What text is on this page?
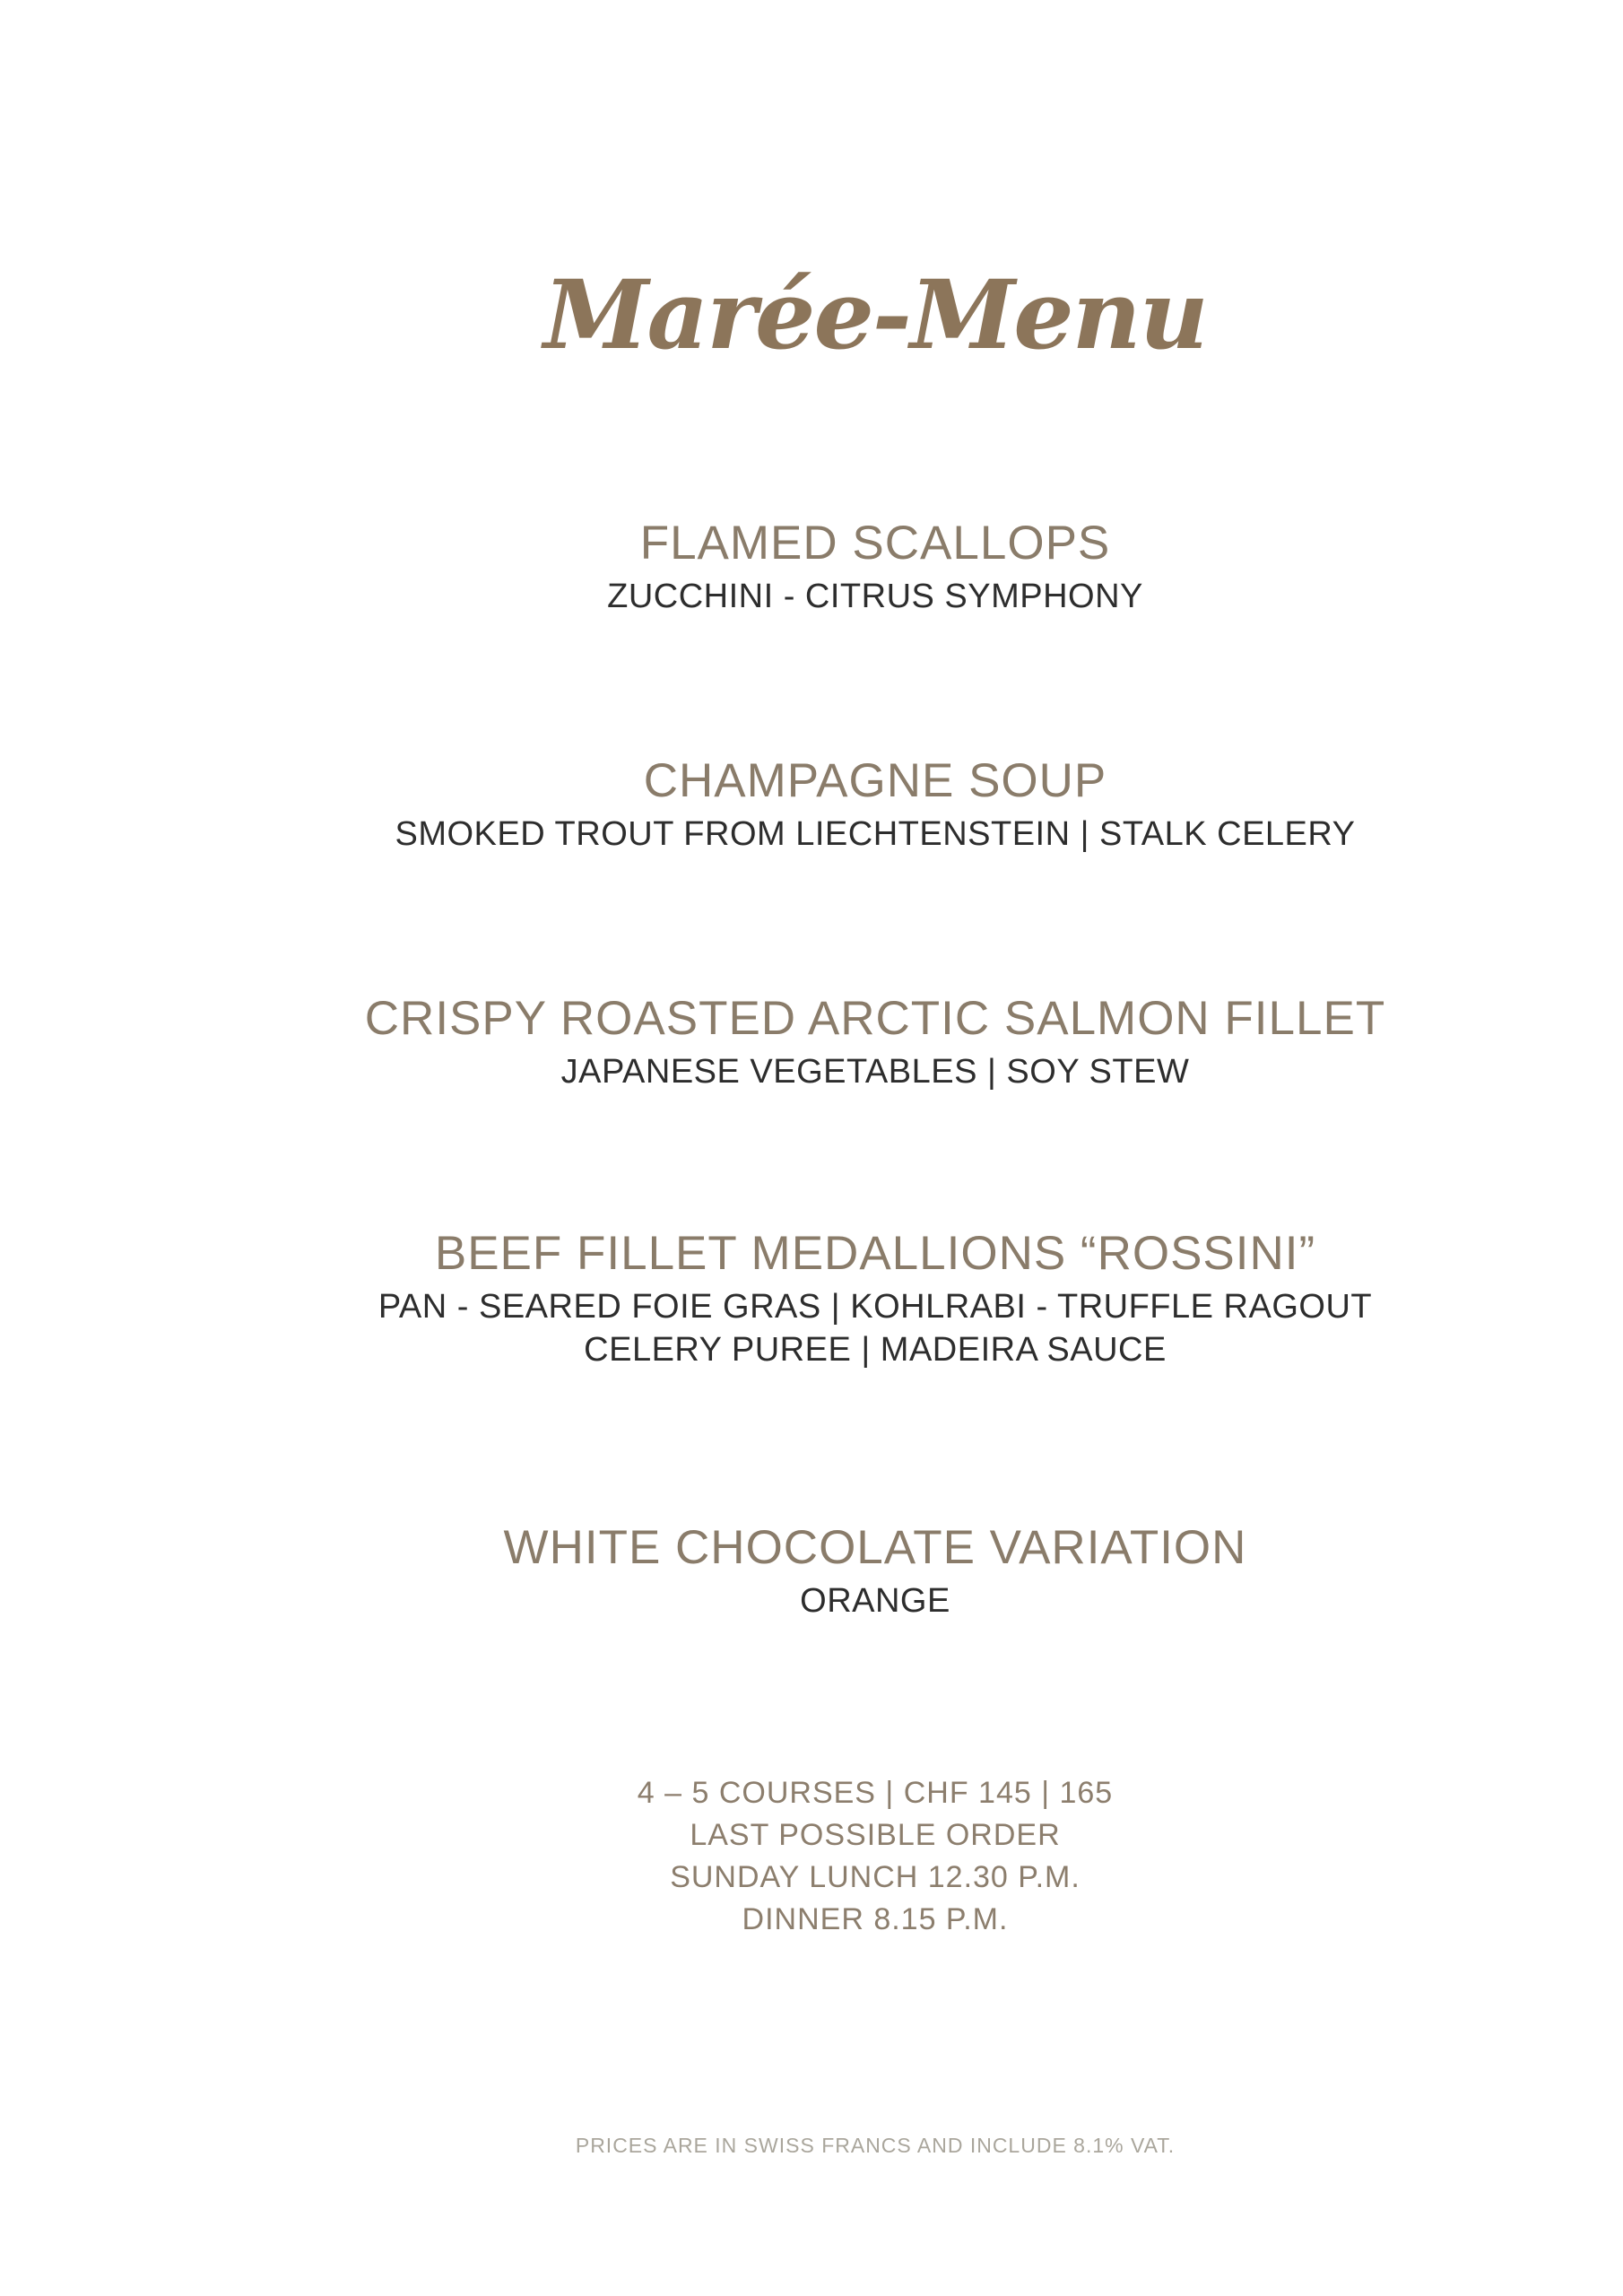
Marée-Menu
FLAMED SCALLOPS

ZUCCHINI - CITRUS SYMPHONY

CHAMPAGNE SOUP

SMOKED TROUT FROM LIECHTENSTEIN | STALK CELERY

CRISPY ROASTED ARCTIC SALMON FILLET

JAPANESE VEGETABLES | SOY STEW

BEEF FILLET MEDALLIONS “ROSSINI”

PAN - SEARED FOIE GRAS | KOHLRABI - TRUFFLE RAGOUT

CELERY PUREE | MADEIRA SAUCE

WHITE CHOCOLATE VARIATION

ORANGE

4 – 5 COURSES | CHF 145 | 165

LAST POSSIBLE ORDER

SUNDAY LUNCH 12.30 P.M.

DINNER 8.15 P.M.

PRICES ARE IN SWISS FRANCS AND INCLUDE 8.1% VAT.
